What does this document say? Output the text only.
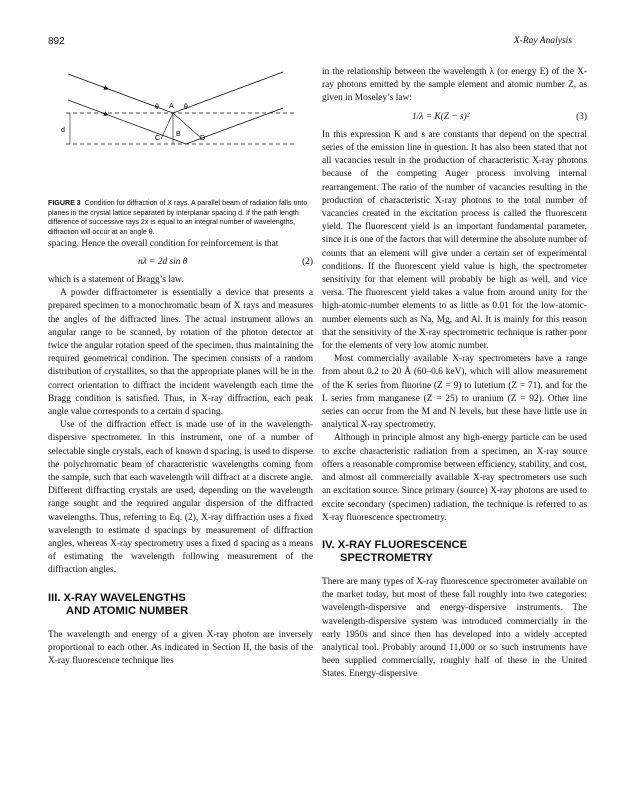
892	X-Ray Analysis
d
θ A θ
B
C	D

FIGURE 3 Condition for diffraction of X rays. A parallel beam of radiation falls onto planes in the crystal lattice separated by interplanar spacing d. If the path length difference of successive rays 2x is equal to an integral number of wavelengths, diffraction will occur at an angle θ.

spacing. Hence the overall condition for reinforcement is that

nλ = 2d sin θ	(2)

which is a statement of Bragg’s law.

A powder diffractometer is essentially a device that presents a prepared specimen to a monochromatic beam of X rays and measures the angles of the diffracted lines. The actual instrument allows an angular range to be scanned, by rotation of the photon detector at twice the angular rotation speed of the specimen, thus maintaining the required geometrical condition. The specimen consists of a random distribution of crystallites, so that the appropriate planes will be in the correct orientation to diffract the incident wavelength each time the Bragg condition is satisfied. Thus, in X-ray diffraction, each peak angle value corresponds to a certain d spacing.

Use of the diffraction effect is made use of in the wavelength-dispersive spectrometer. In this instrument, one of a number of selectable single crystals, each of known d spacing, is used to disperse the polychromatic beam of characteristic wavelengths coming from the sample, such that each wavelength will diffract at a discrete angle. Different diffracting crystals are used, depending on the wavelength range sought and the required angular dispersion of the diffracted wavelengths. Thus, referring to Eq. (2), X-ray diffraction uses a fixed wavelength to estimate d spacings by measurement of diffraction angles, whereas X-ray spectrometry uses a fixed d spacing as a means of estimating the wavelength following measurement of the diffraction angles.

III. X-RAY WAVELENGTHS
AND ATOMIC NUMBER

The wavelength and energy of a given X-ray photon are inversely proportional to each other. As indicated in Section II, the basis of the X-ray fluorescence technique lies

in the relationship between the wavelength λ (or energy E) of the X-ray photons emitted by the sample element and atomic number Z, as given in Moseley’s law:

1/λ = K(Z − s)²	(3)

In this expression K and s are constants that depend on the spectral series of the emission line in question. It has also been stated that not all vacancies result in the production of characteristic X-ray photons because of the competing Auger process involving internal rearrangement. The ratio of the number of vacancies resulting in the production of characteristic X-ray photons to the total number of vacancies created in the excitation process is called the fluorescent yield. The fluorescent yield is an important fundamental parameter, since it is one of the factors that will determine the absolute number of counts that an element will give under a certain set of experimental conditions. If the fluorescent yield value is high, the spectrometer sensitivity for that element will probably be high as well, and vice versa. The fluorescent yield takes a value from around unity for the high-atomic-number elements to as little as 0.01 for the low-atomic-number elements such as Na, Mg, and Al. It is mainly for this reason that the sensitivity of the X-ray spectrometric technique is rather poor for the elements of very low atomic number.

Most commercially available X-ray spectrometers have a range from about 0.2 to 20 Å (60–0.6 keV), which will allow measurement of the K series from fluorine (Z = 9) to lutetium (Z = 71), and for the L series from manganese (Z = 25) to uranium (Z = 92). Other line series can occur from the M and N levels, but these have little use in analytical X-ray spectrometry.

Although in principle almost any high-energy particle can be used to excite characteristic radiation from a specimen, an X-ray source offers a reasonable compromise between efficiency, stability, and cost, and almost all commercially available X-ray spectrometers use such an excitation source. Since primary (source) X-ray photons are used to excite secondary (specimen) radiation, the technique is referred to as X-ray fluorescence spectrometry.

IV. X-RAY FLUORESCENCE
SPECTROMETRY

There are many types of X-ray fluorescence spectrometer available on the market today, but most of these fall roughly into two categories: wavelength-dispersive and energy-dispersive instruments. The wavelength-dispersive system was introduced commercially in the early 1950s and since then has developed into a widely accepted analytical tool. Probably around 11,000 or so such instruments have been supplied commercially, roughly half of these in the United States. Energy-dispersive
